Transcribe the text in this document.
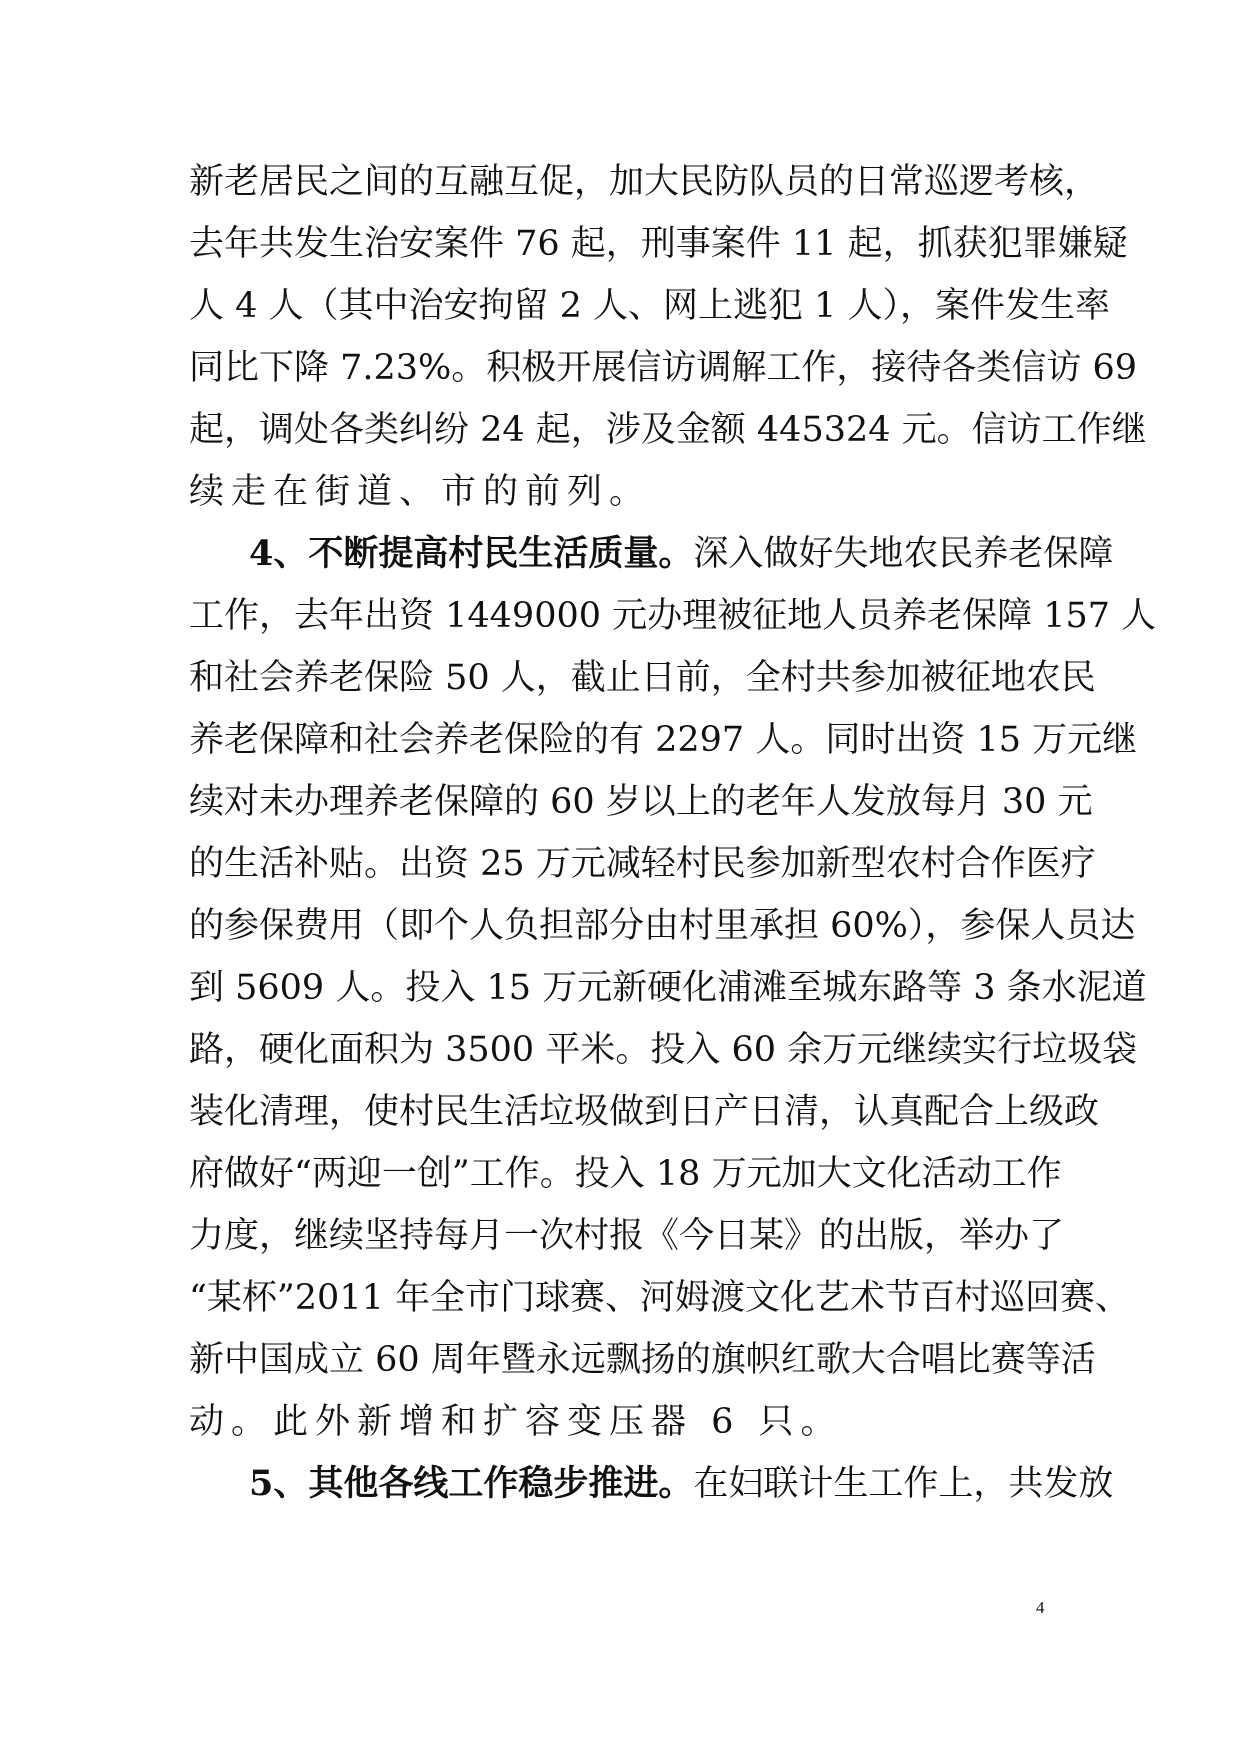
新老居民之间的互融互促，加大民防队员的日常巡逻考核，
去年共发生治安案件 76 起，刑事案件 11 起，抓获犯罪嫌疑
人 4 人（其中治安拘留 2 人、网上逃犯 1 人），案件发生率
同比下降 7.23%。积极开展信访调解工作，接待各类信访 69
起，调处各类纠纷 24 起，涉及金额 445324 元。信访工作继
续走在街道、市的前列。
4、不断提高村民生活质量。深入做好失地农民养老保障
工作，去年出资 1449000 元办理被征地人员养老保障 157 人
和社会养老保险 50 人，截止日前，全村共参加被征地农民
养老保障和社会养老保险的有 2297 人。同时出资 15 万元继
续对未办理养老保障的 60 岁以上的老年人发放每月 30 元
的生活补贴。出资 25 万元减轻村民参加新型农村合作医疗
的参保费用（即个人负担部分由村里承担 60%），参保人员达
到 5609 人。投入 15 万元新硬化浦滩至城东路等 3 条水泥道
路，硬化面积为 3500 平米。投入 60 余万元继续实行垃圾袋
装化清理，使村民生活垃圾做到日产日清，认真配合上级政
府做好“两迎一创”工作。投入 18 万元加大文化活动工作
力度，继续坚持每月一次村报《今日某》的出版，举办了
“某杯”2011 年全市门球赛、河姆渡文化艺术节百村巡回赛、
新中国成立 60 周年暨永远飘扬的旗帜红歌大合唱比赛等活
动。此外新增和扩容变压器 6 只。
5、其他各线工作稳步推进。在妇联计生工作上，共发放
4
